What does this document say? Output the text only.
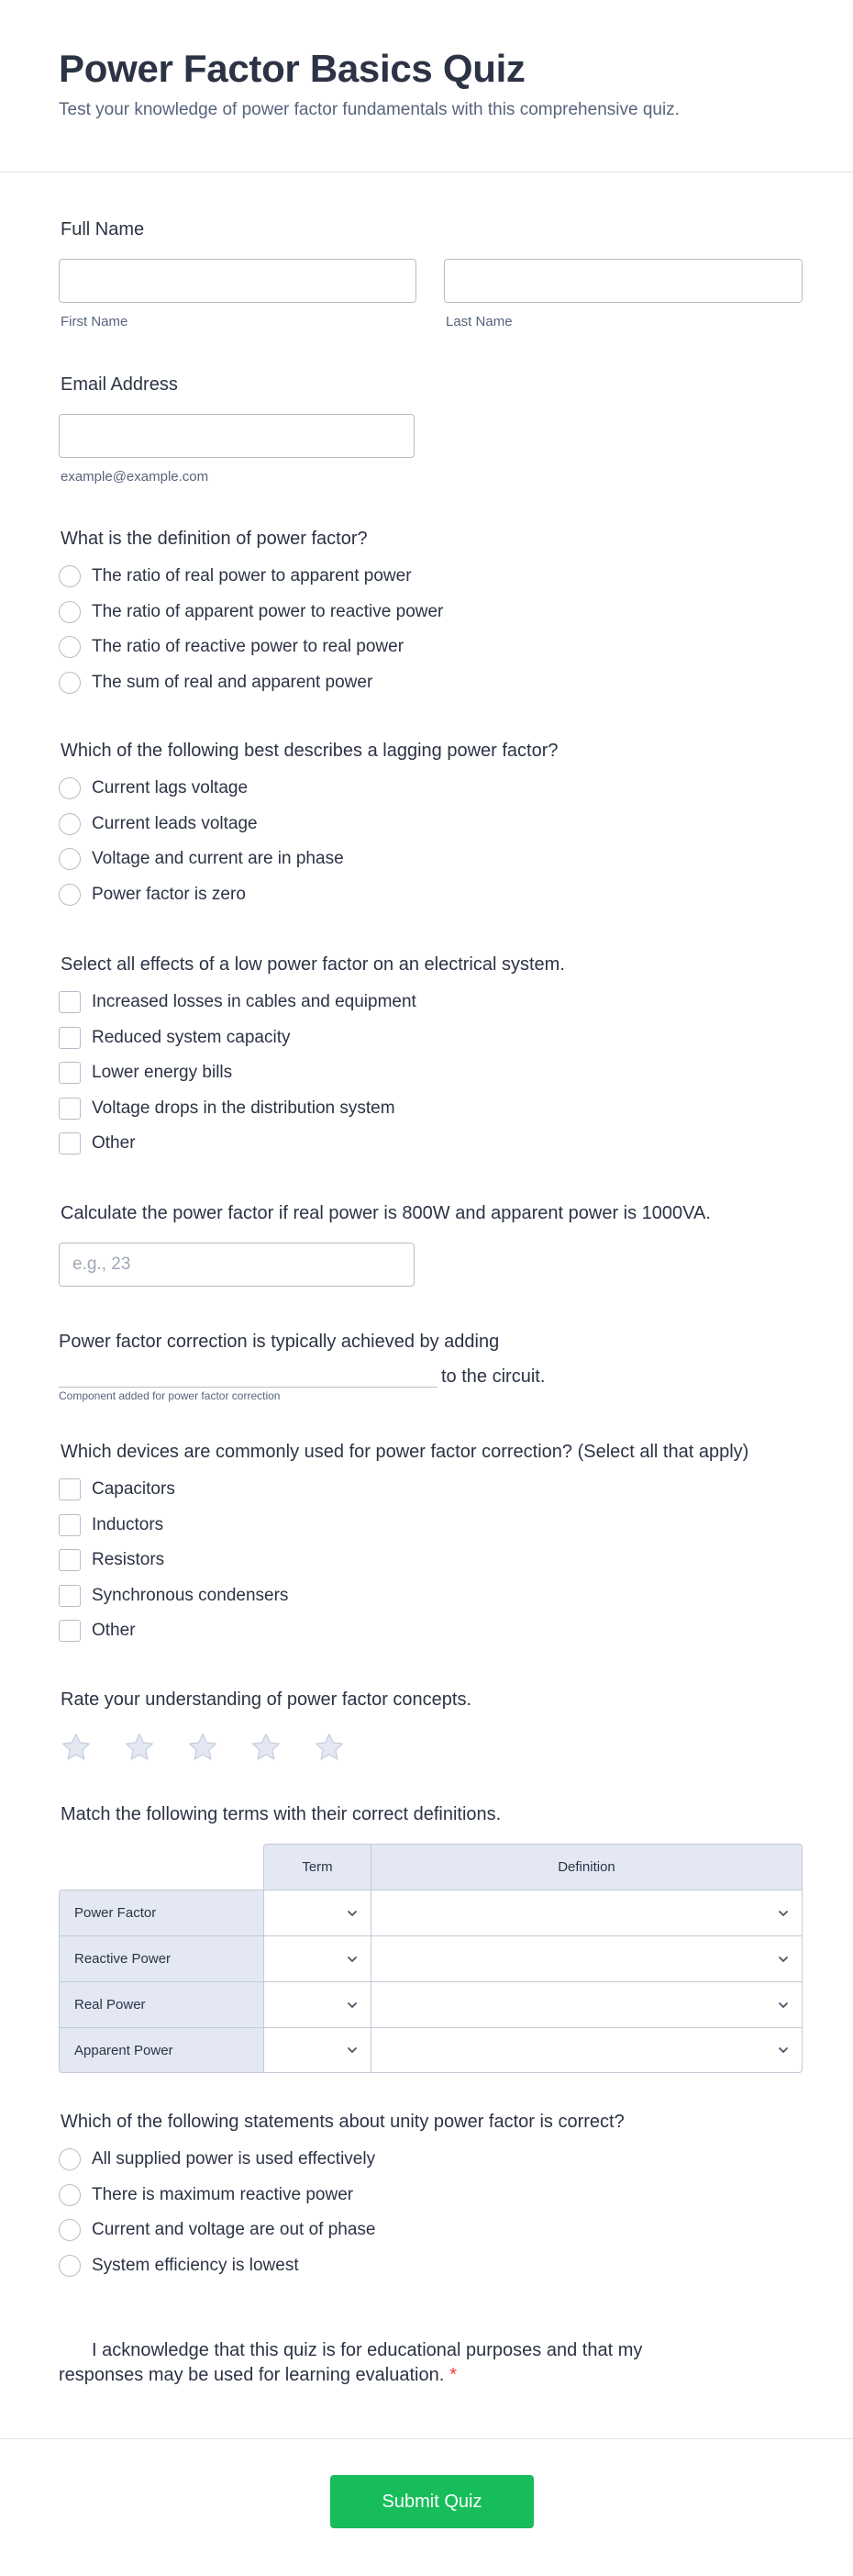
Power Factor Basics Quiz

Test your knowledge of power factor fundamentals with this comprehensive quiz.

Full Name
First Name	Last Name
Email Address
example@example.com
What is the definition of power factor?
The ratio of real power to apparent power
The ratio of apparent power to reactive power
The ratio of reactive power to real power
The sum of real and apparent power
Which of the following best describes a lagging power factor?
Current lags voltage
Current leads voltage
Voltage and current are in phase
Power factor is zero
Select all effects of a low power factor on an electrical system.
Increased losses in cables and equipment
Reduced system capacity
Lower energy bills
Voltage drops in the distribution system
Other
Calculate the power factor if real power is 800W and apparent power is 1000VA.
e.g., 23
Power factor correction is typically achieved by adding
to the circuit.
Component added for power factor correction
Which devices are commonly used for power factor correction? (Select all that apply)
Capacitors
Inductors
Resistors
Synchronous condensers
Other
Rate your understanding of power factor concepts.
Match the following terms with their correct definitions.
	Term	Definition
Power Factor	

Reactive Power	

Real Power	

Apparent Power	

Which of the following statements about unity power factor is correct?
All supplied power is used effectively
There is maximum reactive power
Current and voltage are out of phase
System efficiency is lowest
I acknowledge that this quiz is for educational purposes and that my responses may be used for learning evaluation. *
Submit Quiz
